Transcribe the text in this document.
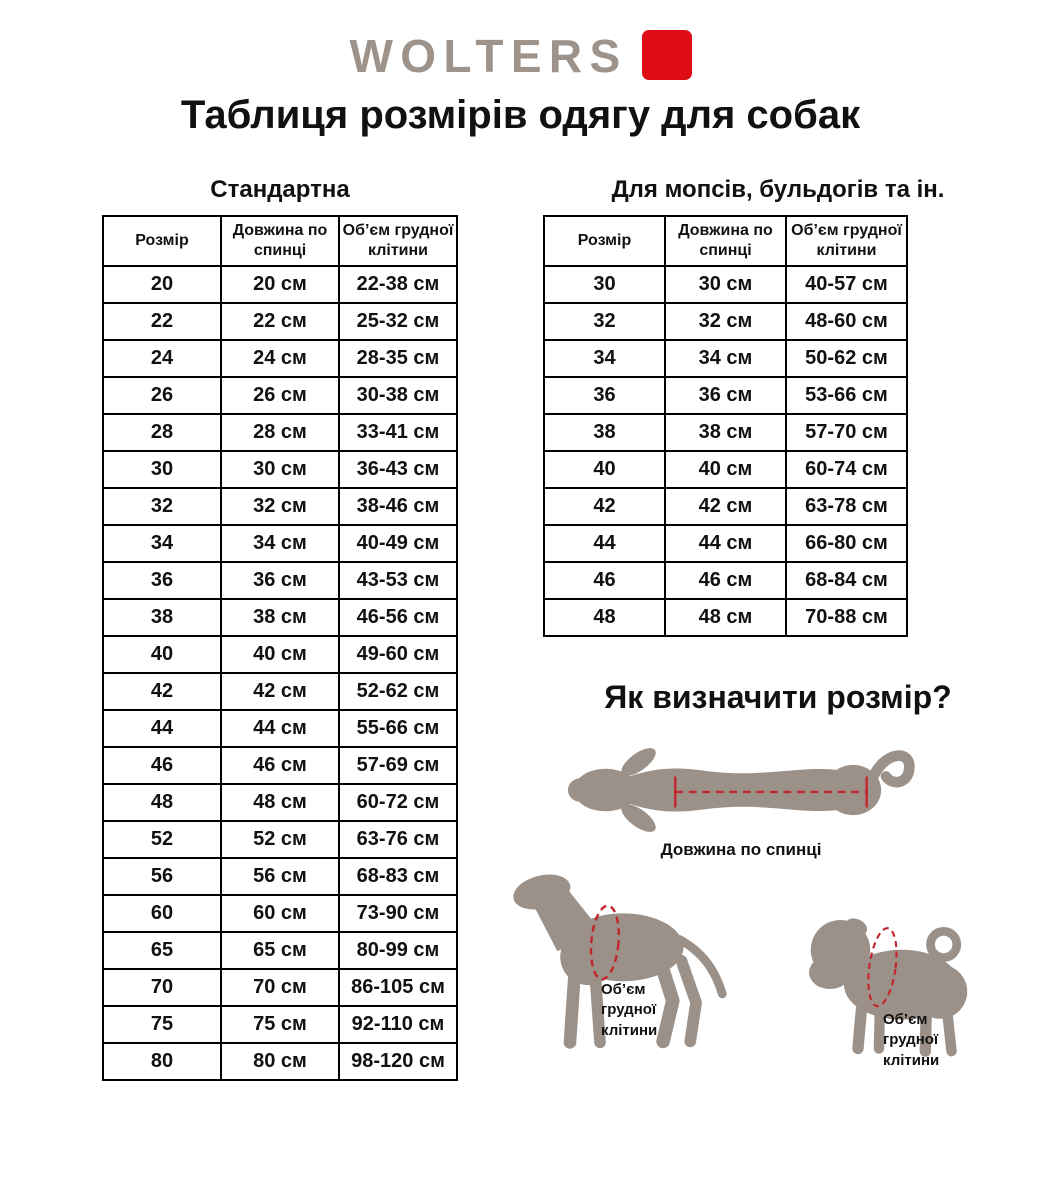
WOLTERS
Таблиця розмірів одягу для собак
Стандартна
Розмір	Довжина по спинці	Об’єм грудної клітини
20	20 см	22-38 см
22	22 см	25-32 см
24	24 см	28-35 см
26	26 см	30-38 см
28	28 см	33-41 см
30	30 см	36-43 см
32	32 см	38-46 см
34	34 см	40-49 см
36	36 см	43-53 см
38	38 см	46-56 см
40	40 см	49-60 см
42	42 см	52-62 см
44	44 см	55-66 см
46	46 см	57-69 см
48	48 см	60-72 см
52	52 см	63-76 см
56	56 см	68-83 см
60	60 см	73-90 см
65	65 см	80-99 см
70	70 см	86-105 см
75	75 см	92-110 см
80	80 см	98-120 см
Для мопсів, бульдогів та ін.
Розмір	Довжина по спинці	Об’єм грудної клітини
30	30 см	40-57 см
32	32 см	48-60 см
34	34 см	50-62 см
36	36 см	53-66 см
38	38 см	57-70 см
40	40 см	60-74 см
42	42 см	63-78 см
44	44 см	66-80 см
46	46 см	68-84 см
48	48 см	70-88 см
Як визначити розмір?
Довжина по спинці
Об’єм грудної клітини
Об’єм грудної клітини
